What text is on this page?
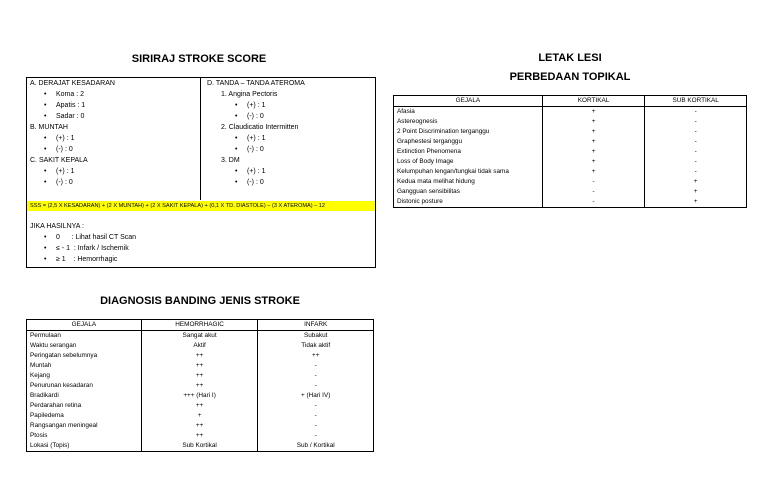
SIRIRAJ STROKE SCORE	LETAK LESI
PERBEDAAN TOPIKAL
DIAGNOSIS BANDING JENIS STROKE
A. DERAJAT KESADARAN
• Koma : 2
• Apatis : 1
• Sadar : 0
B. MUNTAH
• (+) : 1
• (-) : 0
C. SAKIT KEPALA
• (+) : 1
• (-) : 0
D. TANDA – TANDA ATEROMA
1. Angina Pectoris
• (+) : 1
• (-) : 0
2. Claudicatio Intermitten
• (+) : 1
• (-) : 0
3. DM
• (+) : 1
• (-) : 0
SSS = (2,5 X KESADARAN) + (2 X MUNTAH) + (2 X SAKIT KEPALA) + (0,1 X TD. DIASTOLE) – (3 X ATEROMA) – 12
JIKA HASILNYA :
• 0      : Lihat hasil CT Scan
• ≤ - 1  : Infark / Ischemik
• ≥ 1    : Hemorrhagic
GEJALA	KORTIKAL	SUB KORTIKAL
Afasia	+	-
Astereognesis	+	-
2 Point Discrimination terganggu	+	-
Graphestesi terganggu	+	-
Extinction Phenomena	+	-
Loss of Body Image	+	-
Kelumpuhan lengan/tungkai tidak sama	+	-
Kedua mata melihat hidung	-	+
Gangguan sensibilitas	-	+
Distonic posture	-	+
GEJALA	HEMORRHAGIC	INFARK
Permulaan	Sangat akut	Subakut
Waktu serangan	Aktif	Tidak aktif
Peringatan sebelumnya	++	++
Muntah	++	-
Kejang	++	-
Penurunan kesadaran	++	-
Bradikardi	+++ (Hari I)	+ (Hari IV)
Perdarahan retina	++	-
Papiledema	+	-
Rangsangan meningeal	++	-
Ptosis	++	-
Lokasi (Topis)	Sub Kortikal	Sub / Kortikal
